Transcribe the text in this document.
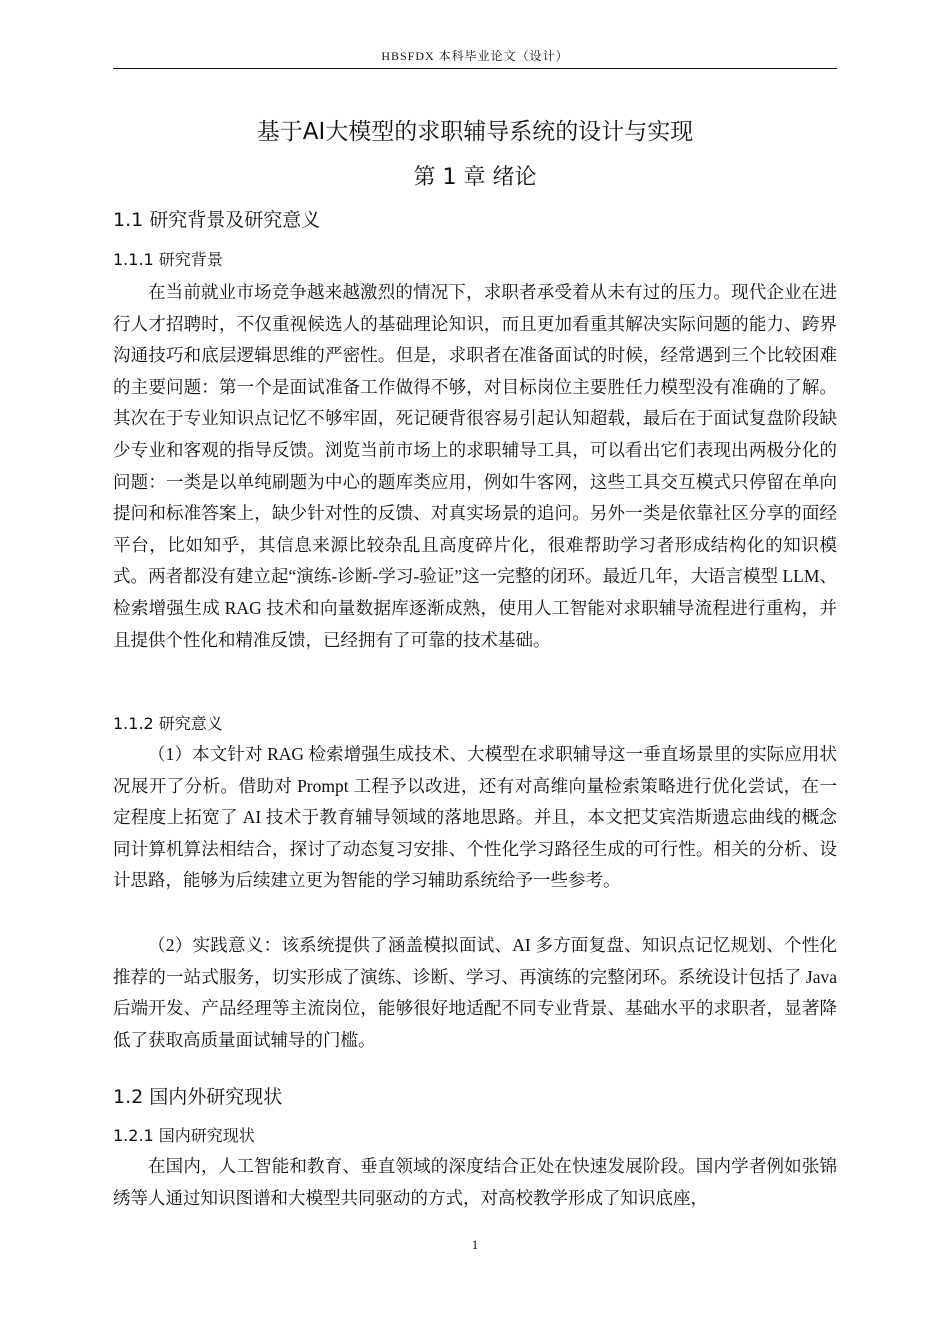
HBSFDX 本科毕业论文（设计）
基于AI大模型的求职辅导系统的设计与实现
第 1 章 绪论
1.1 研究背景及研究意义
1.1.1 研究背景

在当前就业市场竞争越来越激烈的情况下，求职者承受着从未有过的压力。现代企业在进行人才招聘时，不仅重视候选人的基础理论知识，而且更加看重其解决实际问题的能力、跨界沟通技巧和底层逻辑思维的严密性。但是，求职者在准备面试的时候，经常遇到三个比较困难的主要问题：第一个是面试准备工作做得不够，对目标岗位主要胜任力模型没有准确的了解。其次在于专业知识点记忆不够牢固，死记硬背很容易引起认知超载，最后在于面试复盘阶段缺少专业和客观的指导反馈。浏览当前市场上的求职辅导工具，可以看出它们表现出两极分化的问题：一类是以单纯刷题为中心的题库类应用，例如牛客网，这些工具交互模式只停留在单向提问和标准答案上，缺少针对性的反馈、对真实场景的追问。另外一类是依靠社区分享的面经平台，比如知乎，其信息来源比较杂乱且高度碎片化，很难帮助学习者形成结构化的知识模式。两者都没有建立起“演练-诊断-学习-验证”这一完整的闭环。最近几年，大语言模型 LLM、检索增强生成 RAG 技术和向量数据库逐渐成熟，使用人工智能对求职辅导流程进行重构，并且提供个性化和精准反馈，已经拥有了可靠的技术基础。

1.1.2 研究意义

（1）本文针对 RAG 检索增强生成技术、大模型在求职辅导这一垂直场景里的实际应用状况展开了分析。借助对 Prompt 工程予以改进，还有对高维向量检索策略进行优化尝试，在一定程度上拓宽了 AI 技术于教育辅导领域的落地思路。并且，本文把艾宾浩斯遗忘曲线的概念同计算机算法相结合，探讨了动态复习安排、个性化学习路径生成的可行性。相关的分析、设计思路，能够为后续建立更为智能的学习辅助系统给予一些参考。

（2）实践意义：该系统提供了涵盖模拟面试、AI 多方面复盘、知识点记忆规划、个性化推荐的一站式服务，切实形成了演练、诊断、学习、再演练的完整闭环。系统设计包括了 Java 后端开发、产品经理等主流岗位，能够很好地适配不同专业背景、基础水平的求职者，显著降低了获取高质量面试辅导的门槛。

1.2 国内外研究现状
1.2.1 国内研究现状

在国内，人工智能和教育、垂直领域的深度结合正处在快速发展阶段。国内学者例如张锦绣等人通过知识图谱和大模型共同驱动的方式，对高校教学形成了知识底座，

1
